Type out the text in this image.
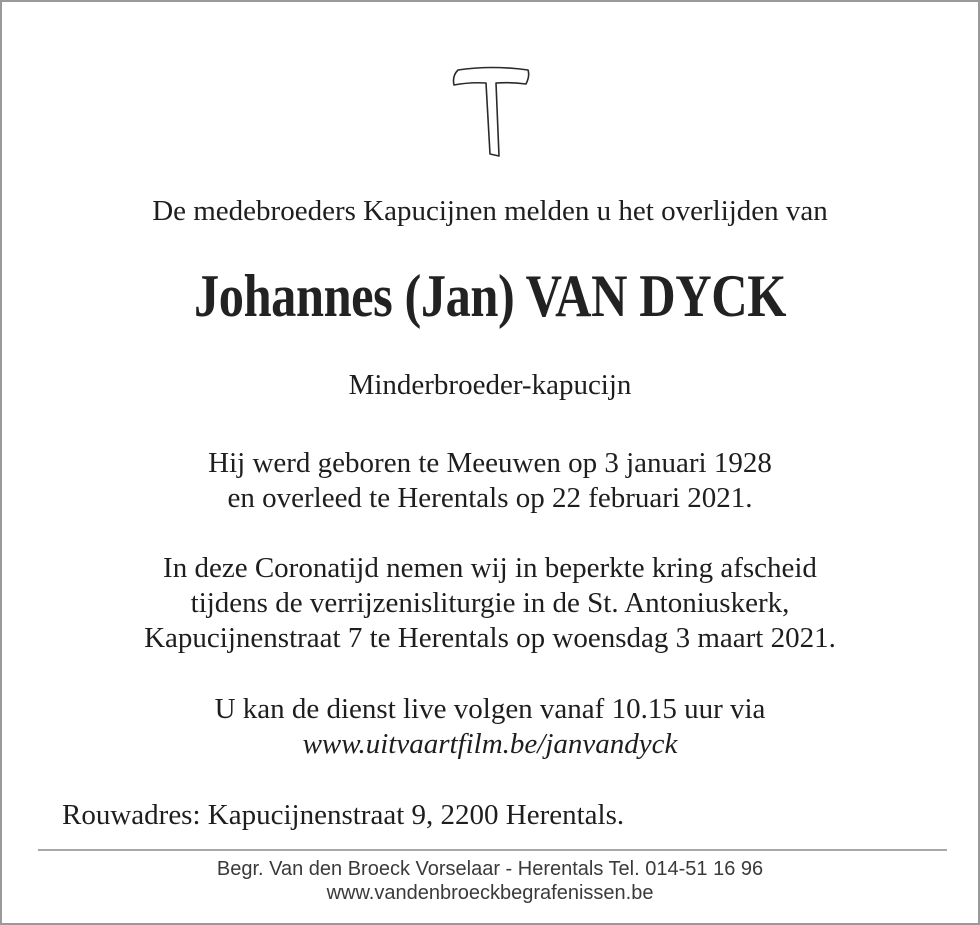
De medebroeders Kapucijnen melden u het overlijden van
Johannes (Jan) VAN DYCK
Minderbroeder-kapucijn
Hij werd geboren te Meeuwen op 3 januari 1928
en overleed te Herentals op 22 februari 2021.
In deze Coronatijd nemen wij in beperkte kring afscheid
tijdens de verrijzenisliturgie in de St. Antoniuskerk,
Kapucijnenstraat 7 te Herentals op woensdag 3 maart 2021.
U kan de dienst live volgen vanaf 10.15 uur via
www.uitvaartfilm.be/janvandyck
Rouwadres: Kapucijnenstraat 9, 2200 Herentals.
Begr. Van den Broeck Vorselaar - Herentals Tel. 014-51 16 96
www.vandenbroeckbegrafenissen.be
